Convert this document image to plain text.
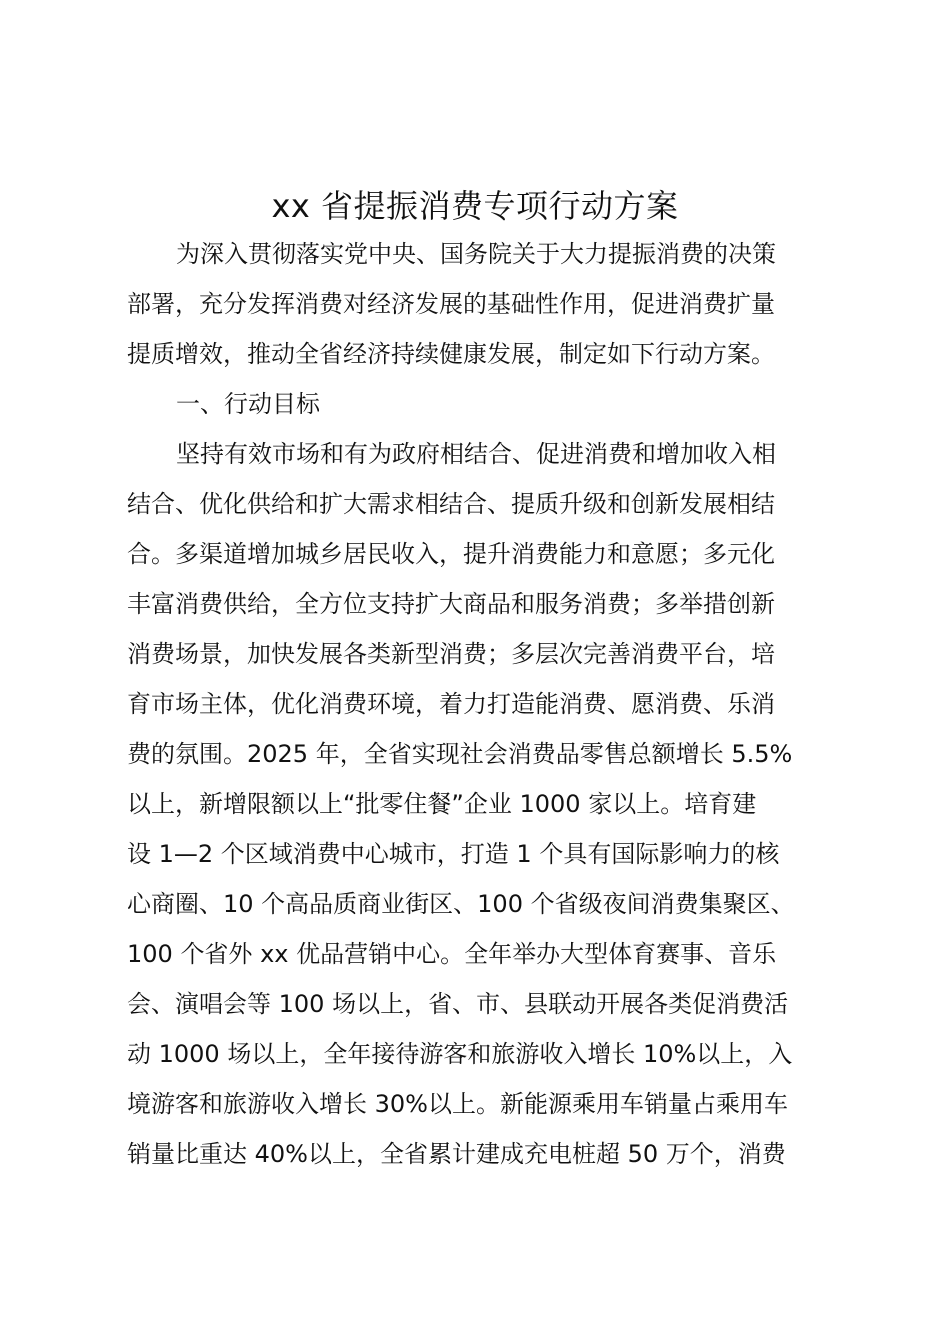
xx 省提振消费专项行动方案
为深入贯彻落实党中央、国务院关于大力提振消费的决策
部署，充分发挥消费对经济发展的基础性作用，促进消费扩量
提质增效，推动全省经济持续健康发展，制定如下行动方案。
一、行动目标
坚持有效市场和有为政府相结合、促进消费和增加收入相
结合、优化供给和扩大需求相结合、提质升级和创新发展相结
合。多渠道增加城乡居民收入，提升消费能力和意愿；多元化
丰富消费供给，全方位支持扩大商品和服务消费；多举措创新
消费场景，加快发展各类新型消费；多层次完善消费平台，培
育市场主体，优化消费环境，着力打造能消费、愿消费、乐消
费的氛围。2025 年，全省实现社会消费品零售总额增长 5.5%
以上，新增限额以上“批零住餐”企业 1000 家以上。培育建
设 1—2 个区域消费中心城市，打造 1 个具有国际影响力的核
心商圈、10 个高品质商业街区、100 个省级夜间消费集聚区、
100 个省外 xx 优品营销中心。全年举办大型体育赛事、音乐
会、演唱会等 100 场以上，省、市、县联动开展各类促消费活
动 1000 场以上，全年接待游客和旅游收入增长 10%以上，入
境游客和旅游收入增长 30%以上。新能源乘用车销量占乘用车
销量比重达 40%以上，全省累计建成充电桩超 50 万个，消费
